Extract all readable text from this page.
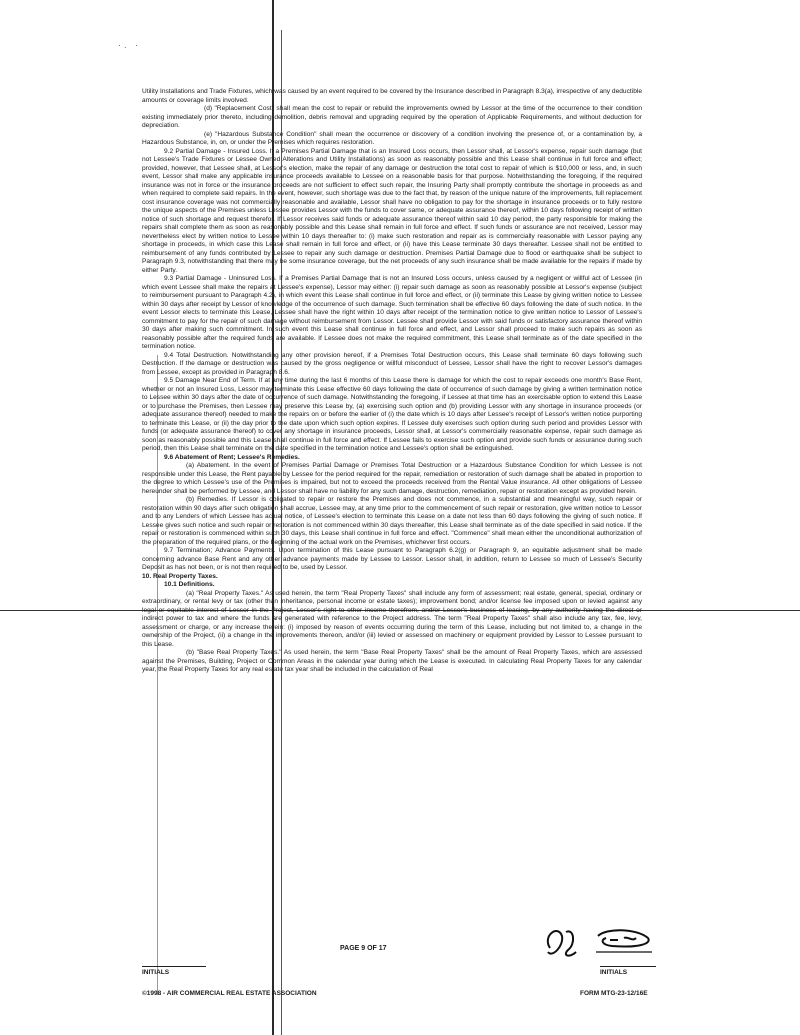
·. ·

Utility Installations and Trade Fixtures, which was caused by an event required to be covered by the Insurance described in Paragraph 8.3(a), irrespective of any deductible amounts or coverage limits involved.

(d) "Replacement Cost" shall mean the cost to repair or rebuild the improvements owned by Lessor at the time of the occurrence to their condition existing immediately prior thereto, including demolition, debris removal and upgrading required by the operation of Applicable Requirements, and without deduction for depreciation.

(e) "Hazardous Substance Condition" shall mean the occurrence or discovery of a condition involving the presence of, or a contamination by, a Hazardous Substance, in, on, or under the Premises which requires restoration.

9.2 Partial Damage - Insured Loss. If a Premises Partial Damage that is an Insured Loss occurs, then Lessor shall, at Lessor's expense, repair such damage (but not Lessee's Trade Fixtures or Lessee Owned Alterations and Utility Installations) as soon as reasonably possible and this Lease shall continue in full force and effect; provided, however, that Lessee shall, at Lessor's election, make the repair of any damage or destruction the total cost to repair of which is $10,000 or less, and, in such event, Lessor shall make any applicable insurance proceeds available to Lessee on a reasonable basis for that purpose. Notwithstanding the foregoing, if the required insurance was not in force or the insurance proceeds are not sufficient to effect such repair, the Insuring Party shall promptly contribute the shortage in proceeds as and when required to complete said repairs. In the event, however, such shortage was due to the fact that, by reason of the unique nature of the improvements, full replacement cost insurance coverage was not commercially reasonable and available, Lessor shall have no obligation to pay for the shortage in insurance proceeds or to fully restore the unique aspects of the Premises unless Lessee provides Lessor with the funds to cover same, or adequate assurance thereof, within 10 days following receipt of written notice of such shortage and request therefor. If Lessor receives said funds or adequate assurance thereof within said 10 day period, the party responsible for making the repairs shall complete them as soon as reasonably possible and this Lease shall remain in full force and effect. If such funds or assurance are not received, Lessor may nevertheless elect by written notice to Lessee within 10 days thereafter to: (i) make such restoration and repair as is commercially reasonable with Lessor paying any shortage in proceeds, in which case this Lease shall remain in full force and effect, or (ii) have this Lease terminate 30 days thereafter. Lessee shall not be entitled to reimbursement of any funds contributed by Lessee to repair any such damage or destruction. Premises Partial Damage due to flood or earthquake shall be subject to Paragraph 9.3, notwithstanding that there may be some insurance coverage, but the net proceeds of any such insurance shall be made available for the repairs if made by either Party.

9.3 Partial Damage - Uninsured Loss. If a Premises Partial Damage that is not an Insured Loss occurs, unless caused by a negligent or willful act of Lessee (in which event Lessee shall make the repairs at Lessee's expense), Lessor may either: (i) repair such damage as soon as reasonably possible at Lessor's expense (subject to reimbursement pursuant to Paragraph 4.2), in which event this Lease shall continue in full force and effect, or (ii) terminate this Lease by giving written notice to Lessee within 30 days after receipt by Lessor of knowledge of the occurrence of such damage. Such termination shall be effective 60 days following the date of such notice. In the event Lessor elects to terminate this Lease, Lessee shall have the right within 10 days after receipt of the termination notice to give written notice to Lessor of Lessee's commitment to pay for the repair of such damage without reimbursement from Lessor. Lessee shall provide Lessor with said funds or satisfactory assurance thereof within 30 days after making such commitment. In such event this Lease shall continue in full force and effect, and Lessor shall proceed to make such repairs as soon as reasonably possible after the required funds are available. If Lessee does not make the required commitment, this Lease shall terminate as of the date specified in the termination notice.

9.4 Total Destruction. Notwithstanding any other provision hereof, if a Premises Total Destruction occurs, this Lease shall terminate 60 days following such Destruction. If the damage or destruction was caused by the gross negligence or willful misconduct of Lessee, Lessor shall have the right to recover Lessor's damages from Lessee, except as provided in Paragraph 8.6.

9.5 Damage Near End of Term. If at any time during the last 6 months of this Lease there is damage for which the cost to repair exceeds one month's Base Rent, whether or not an Insured Loss, Lessor may terminate this Lease effective 60 days following the date of occurrence of such damage by giving a written termination notice to Lessee within 30 days after the date of occurrence of such damage. Notwithstanding the foregoing, if Lessee at that time has an exercisable option to extend this Lease or to purchase the Premises, then Lessee may preserve this Lease by, (a) exercising such option and (b) providing Lessor with any shortage in insurance proceeds (or adequate assurance thereof) needed to make the repairs on or before the earlier of (i) the date which is 10 days after Lessee's receipt of Lessor's written notice purporting to terminate this Lease, or (ii) the day prior to the date upon which such option expires. If Lessee duly exercises such option during such period and provides Lessor with funds (or adequate assurance thereof) to cover any shortage in insurance proceeds, Lessor shall, at Lessor's commercially reasonable expense, repair such damage as soon as reasonably possible and this Lease shall continue in full force and effect. If Lessee fails to exercise such option and provide such funds or assurance during such period, then this Lease shall terminate on the date specified in the termination notice and Lessee's option shall be extinguished.

9.6 Abatement of Rent; Lessee's Remedies.

(a) Abatement. In the event of Premises Partial Damage or Premises Total Destruction or a Hazardous Substance Condition for which Lessee is not responsible under this Lease, the Rent payable by Lessee for the period required for the repair, remediation or restoration of such damage shall be abated in proportion to the degree to which Lessee's use of the Premises is impaired, but not to exceed the proceeds received from the Rental Value insurance. All other obligations of Lessee hereunder shall be performed by Lessee, and Lessor shall have no liability for any such damage, destruction, remediation, repair or restoration except as provided herein.

(b) Remedies. If Lessor is obligated to repair or restore the Premises and does not commence, in a substantial and meaningful way, such repair or restoration within 90 days after such obligation shall accrue, Lessee may, at any time prior to the commencement of such repair or restoration, give written notice to Lessor and to any Lenders of which Lessee has actual notice, of Lessee's election to terminate this Lease on a date not less than 60 days following the giving of such notice. If Lessee gives such notice and such repair or restoration is not commenced within 30 days thereafter, this Lease shall terminate as of the date specified in said notice. If the repair or restoration is commenced within such 30 days, this Lease shall continue in full force and effect. "Commence" shall mean either the unconditional authorization of the preparation of the required plans, or the beginning of the actual work on the Premises, whichever first occurs.

9.7 Termination; Advance Payments. Upon termination of this Lease pursuant to Paragraph 6.2(g) or Paragraph 9, an equitable adjustment shall be made concerning advance Base Rent and any other advance payments made by Lessee to Lessor. Lessor shall, in addition, return to Lessee so much of Lessee's Security Deposit as has not been, or is not then required to be, used by Lessor.

10. Real Property Taxes.

10.1 Definitions.

(a) "Real Property Taxes." As used herein, the term "Real Property Taxes" shall include any form of assessment; real estate, general, special, ordinary or extraordinary, or rental levy or tax (other than inheritance, personal income or estate taxes); improvement bond; and/or license fee imposed upon or levied against any legal or equitable interest of Lessor in the Project, Lessor's right to other income therefrom, and/or Lessor's business of leasing, by any authority having the direct or indirect power to tax and where the funds are generated with reference to the Project address. The term "Real Property Taxes" shall also include any tax, fee, levy, assessment or charge, or any increase therein: (i) imposed by reason of events occurring during the term of this Lease, including but not limited to, a change in the ownership of the Project, (ii) a change in the improvements thereon, and/or (iii) levied or assessed on machinery or equipment provided by Lessor to Lessee pursuant to this Lease.

(b) "Base Real Property Taxes." As used herein, the term "Base Real Property Taxes" shall be the amount of Real Property Taxes, which are assessed against the Premises, Building, Project or Common Areas in the calendar year during which the Lease is executed. In calculating Real Property Taxes for any calendar year, the Real Property Taxes for any real estate tax year shall be included in the calculation of Real

PAGE 9 OF 17
INITIALS	INITIALS
©1998 - AIR COMMERCIAL REAL ESTATE ASSOCIATION	FORM MTG-23-12/16E
